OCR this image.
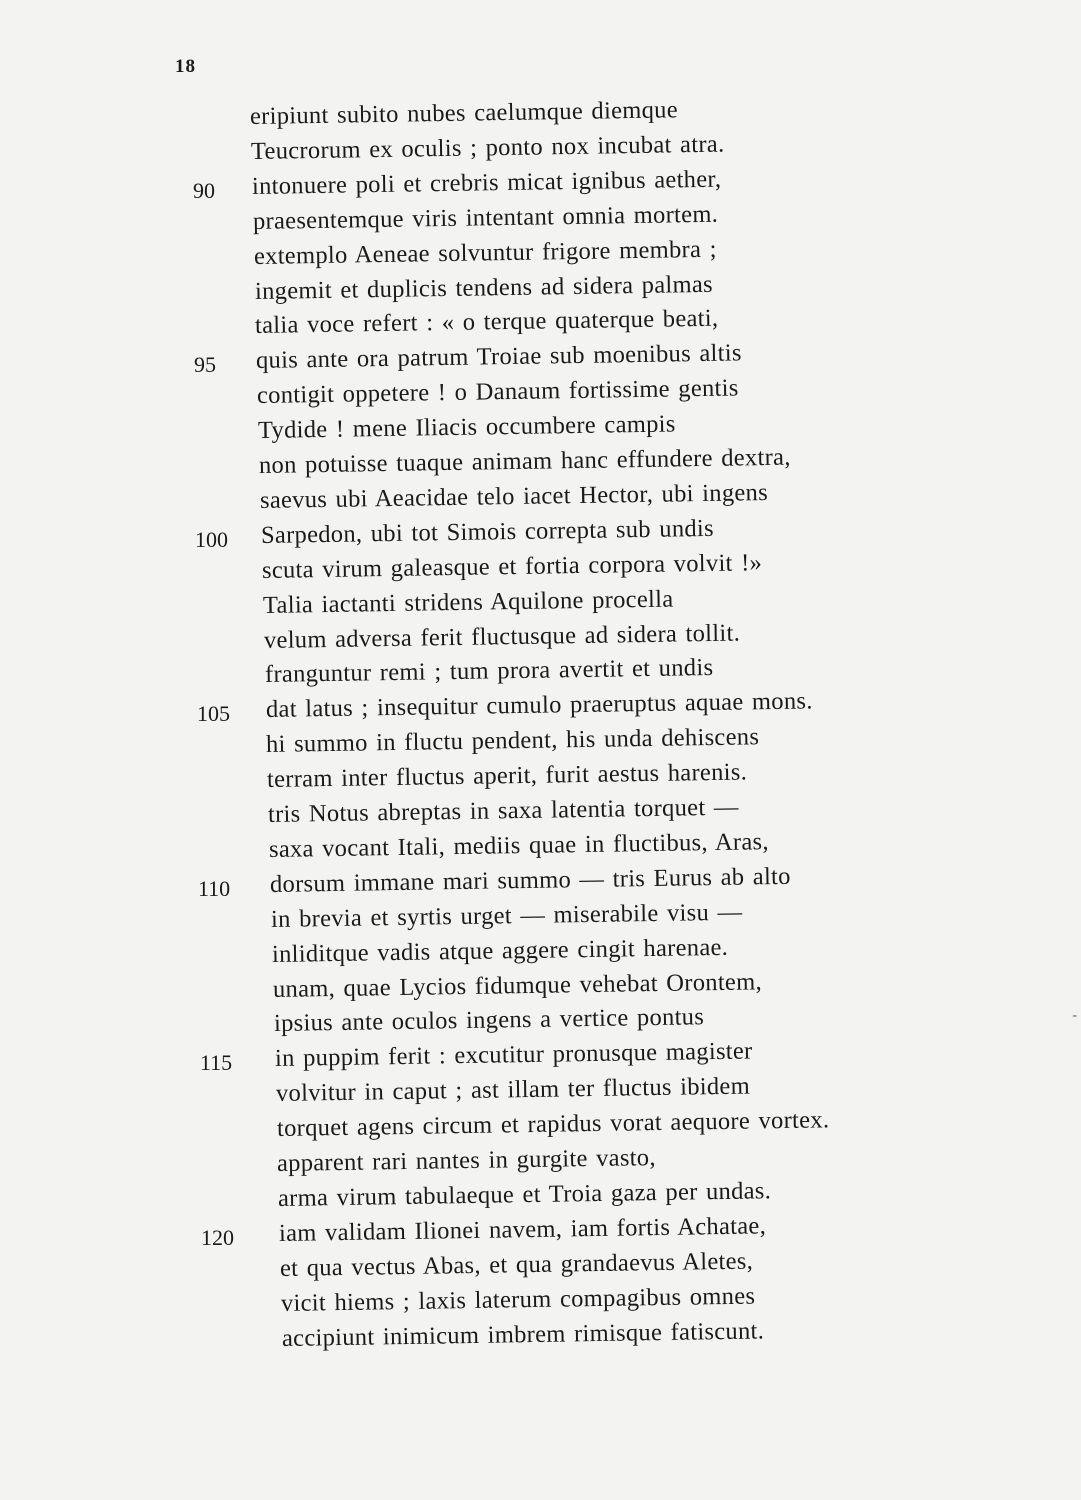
18
eripiunt subito nubes caelumque diemque
Teucrorum ex oculis ; ponto nox incubat atra.
intonuere poli et crebris micat ignibus aether,
90
praesentemque viris intentant omnia mortem.
extemplo Aeneae solvuntur frigore membra ;
ingemit et duplicis tendens ad sidera palmas
talia voce refert : « o terque quaterque beati,
quis ante ora patrum Troiae sub moenibus altis
95
contigit oppetere ! o Danaum fortissime gentis
Tydide ! mene Iliacis occumbere campis
non potuisse tuaque animam hanc effundere dextra,
saevus ubi Aeacidae telo iacet Hector, ubi ingens
Sarpedon, ubi tot Simois correpta sub undis
100
scuta virum galeasque et fortia corpora volvit !»
Talia iactanti stridens Aquilone procella
velum adversa ferit fluctusque ad sidera tollit.
franguntur remi ; tum prora avertit et undis
dat latus ; insequitur cumulo praeruptus aquae mons.
105
hi summo in fluctu pendent, his unda dehiscens
terram inter fluctus aperit, furit aestus harenis.
tris Notus abreptas in saxa latentia torquet —
saxa vocant Itali, mediis quae in fluctibus, Aras,
dorsum immane mari summo — tris Eurus ab alto
110
in brevia et syrtis urget — miserabile visu —
inliditque vadis atque aggere cingit harenae.
unam, quae Lycios fidumque vehebat Orontem,
ipsius ante oculos ingens a vertice pontus
in puppim ferit : excutitur pronusque magister
115
volvitur in caput ; ast illam ter fluctus ibidem
torquet agens circum et rapidus vorat aequore vortex.
apparent rari nantes in gurgite vasto,
arma virum tabulaeque et Troia gaza per undas.
iam validam Ilionei navem, iam fortis Achatae,
120
et qua vectus Abas, et qua grandaevus Aletes,
vicit hiems ; laxis laterum compagibus omnes
accipiunt inimicum imbrem rimisque fatiscunt.
-
